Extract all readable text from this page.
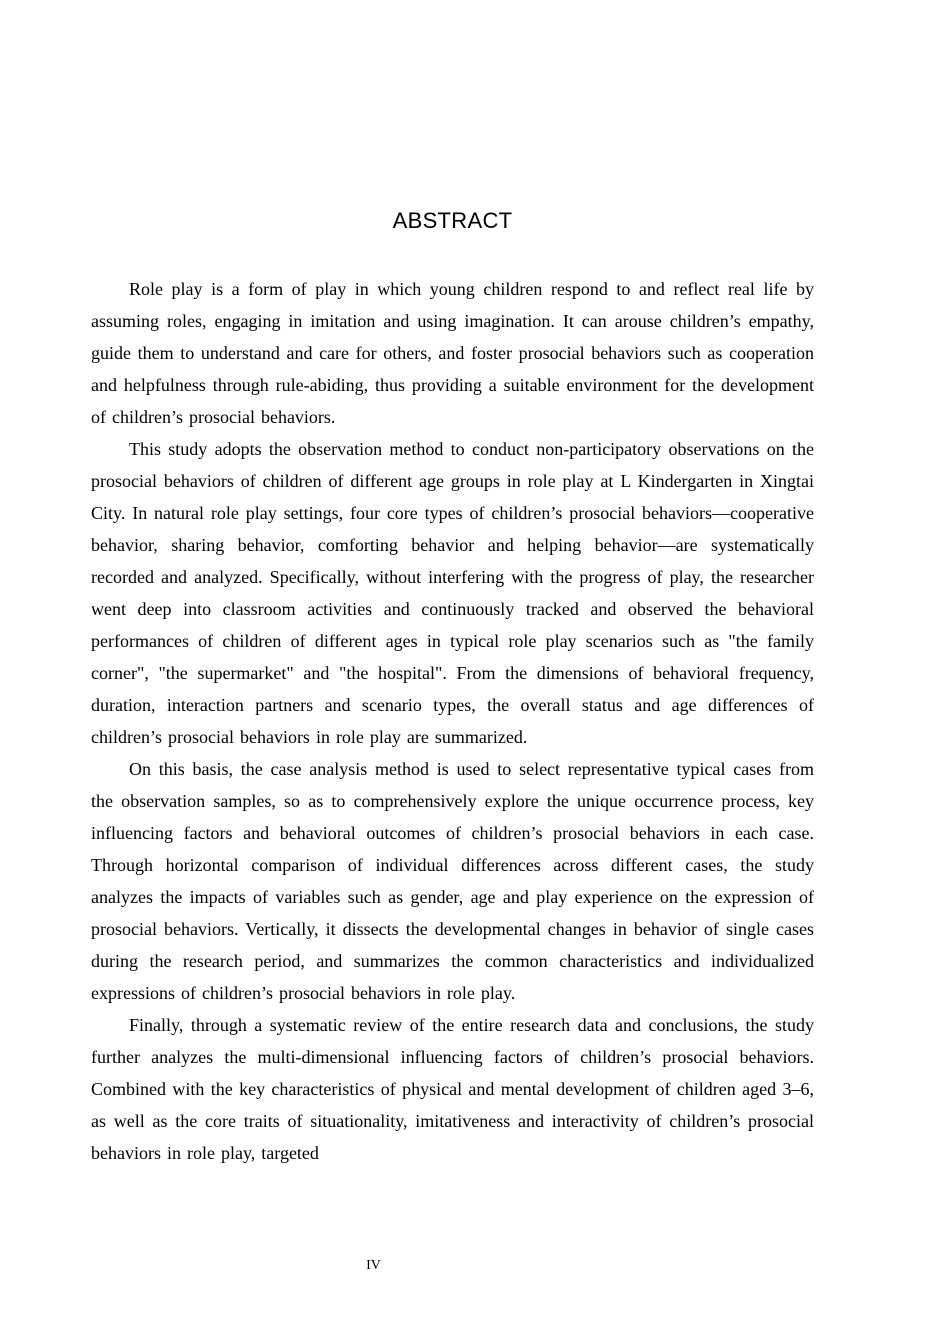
ABSTRACT

Role play is a form of play in which young children respond to and reflect real life by assuming roles, engaging in imitation and using imagination. It can arouse children’s empathy, guide them to understand and care for others, and foster prosocial behaviors such as cooperation and helpfulness through rule-abiding, thus providing a suitable environment for the development of children’s prosocial behaviors.

This study adopts the observation method to conduct non-participatory observations on the prosocial behaviors of children of different age groups in role play at L Kindergarten in Xingtai City. In natural role play settings, four core types of children’s prosocial behaviors—cooperative behavior, sharing behavior, comforting behavior and helping behavior—are systematically recorded and analyzed. Specifically, without interfering with the progress of play, the researcher went deep into classroom activities and continuously tracked and observed the behavioral performances of children of different ages in typical role play scenarios such as "the family corner", "the supermarket" and "the hospital". From the dimensions of behavioral frequency, duration, interaction partners and scenario types, the overall status and age differences of children’s prosocial behaviors in role play are summarized.

On this basis, the case analysis method is used to select representative typical cases from the observation samples, so as to comprehensively explore the unique occurrence process, key influencing factors and behavioral outcomes of children’s prosocial behaviors in each case. Through horizontal comparison of individual differences across different cases, the study analyzes the impacts of variables such as gender, age and play experience on the expression of prosocial behaviors. Vertically, it dissects the developmental changes in behavior of single cases during the research period, and summarizes the common characteristics and individualized expressions of children’s prosocial behaviors in role play.

Finally, through a systematic review of the entire research data and conclusions, the study further analyzes the multi-dimensional influencing factors of children’s prosocial behaviors. Combined with the key characteristics of physical and mental development of children aged 3–6, as well as the core traits of situationality, imitativeness and interactivity of children’s prosocial behaviors in role play, targeted

IV
